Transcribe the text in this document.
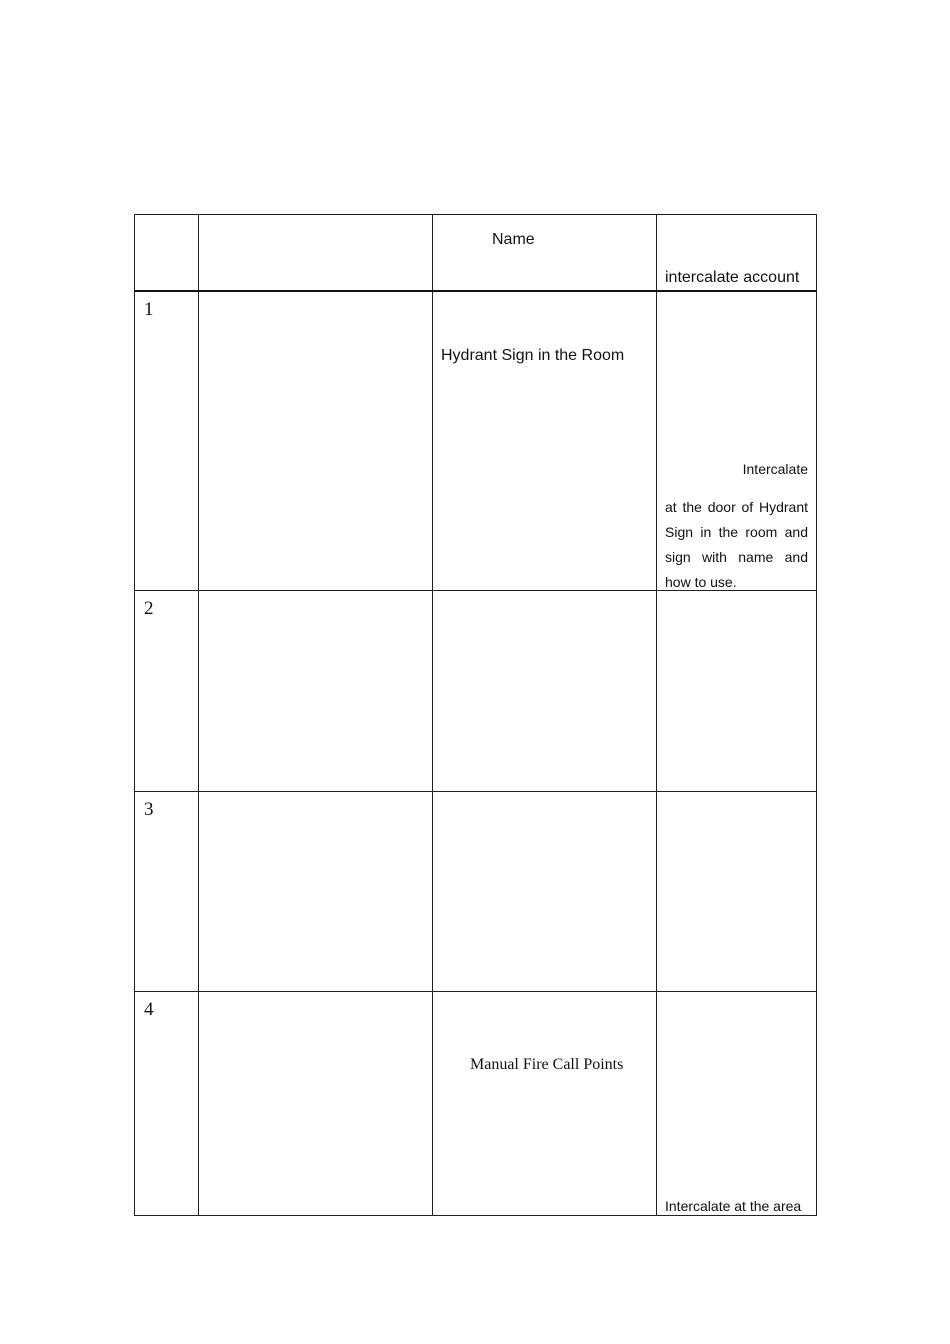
		Name	intercalate account

1		Hydrant Sign in the Room	Intercalate
at the door of Hydrant Sign in the room and sign with name and how to use.

2			

3			

4		Manual Fire Call Points	Intercalate at the area
